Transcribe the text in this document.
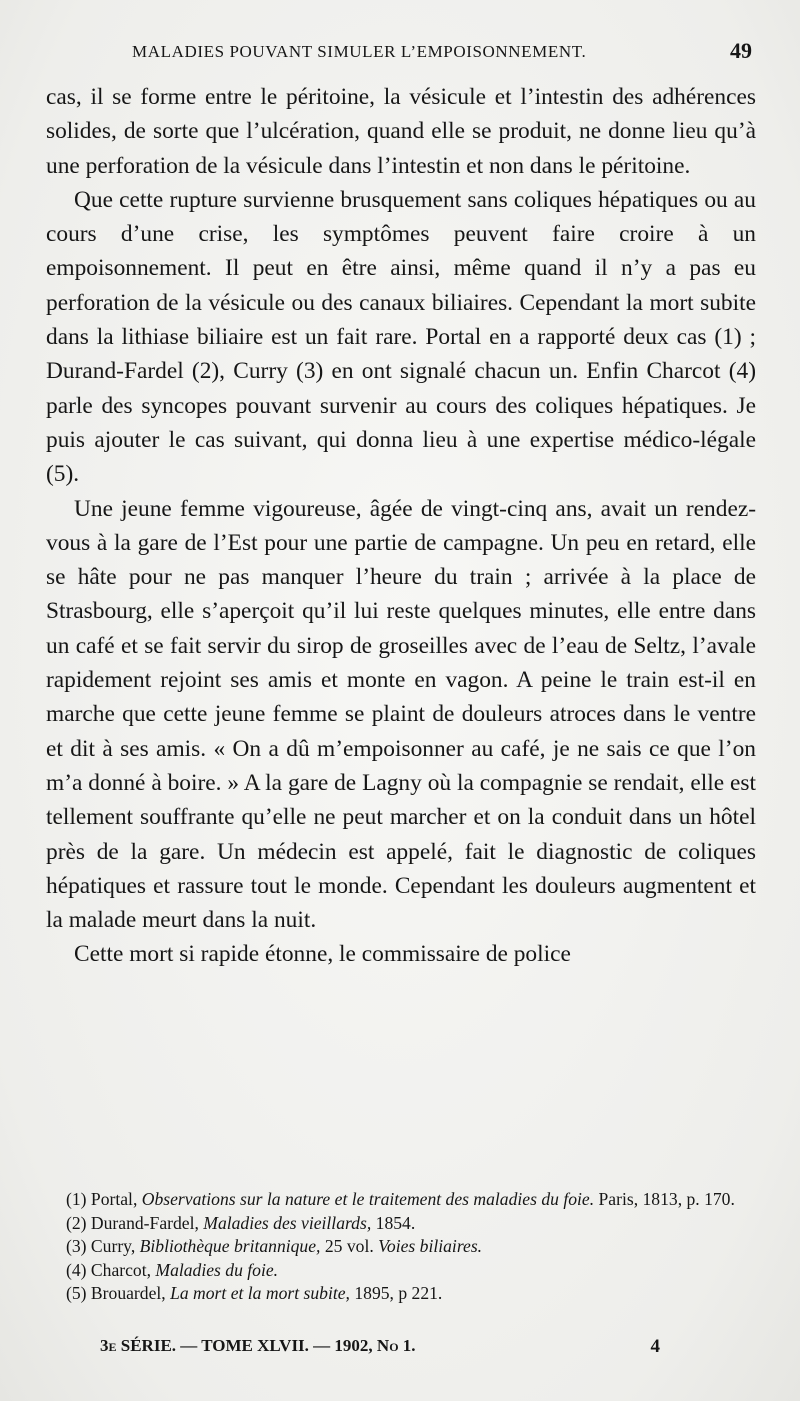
MALADIES POUVANT SIMULER L’EMPOISONNEMENT.	49

cas, il se forme entre le péritoine, la vésicule et l’intestin des adhérences solides, de sorte que l’ulcération, quand elle se produit, ne donne lieu qu’à une perforation de la vésicule dans l’intestin et non dans le péritoine.

Que cette rupture survienne brusquement sans coliques hépatiques ou au cours d’une crise, les symptômes peuvent faire croire à un empoisonnement. Il peut en être ainsi, même quand il n’y a pas eu perforation de la vésicule ou des canaux biliaires. Cependant la mort subite dans la lithiase biliaire est un fait rare. Portal en a rapporté deux cas (1) ; Durand-Fardel (2), Curry (3) en ont signalé chacun un. Enfin Charcot (4) parle des syncopes pouvant survenir au cours des coliques hépatiques. Je puis ajouter le cas suivant, qui donna lieu à une expertise médico-légale (5).

Une jeune femme vigoureuse, âgée de vingt-cinq ans, avait un rendez-vous à la gare de l’Est pour une partie de campagne. Un peu en retard, elle se hâte pour ne pas manquer l’heure du train ; arrivée à la place de Strasbourg, elle s’aperçoit qu’il lui reste quelques minutes, elle entre dans un café et se fait servir du sirop de groseilles avec de l’eau de Seltz, l’avale rapidement rejoint ses amis et monte en vagon. A peine le train est-il en marche que cette jeune femme se plaint de douleurs atroces dans le ventre et dit à ses amis. « On a dû m’empoisonner au café, je ne sais ce que l’on m’a donné à boire. » A la gare de Lagny où la compagnie se rendait, elle est tellement souffrante qu’elle ne peut marcher et on la conduit dans un hôtel près de la gare. Un médecin est appelé, fait le diagnostic de coliques hépatiques et rassure tout le monde. Cependant les douleurs augmentent et la malade meurt dans la nuit.

Cette mort si rapide étonne, le commissaire de police

(1) Portal, Observations sur la nature et le traitement des maladies du foie. Paris, 1813, p. 170.

(2) Durand-Fardel, Maladies des vieillards, 1854.

(3) Curry, Bibliothèque britannique, 25 vol. Voies biliaires.

(4) Charcot, Maladies du foie.

(5) Brouardel, La mort et la mort subite, 1895, p 221.

3e SÉRIE. — TOME XLVII. — 1902, No 1.	4
